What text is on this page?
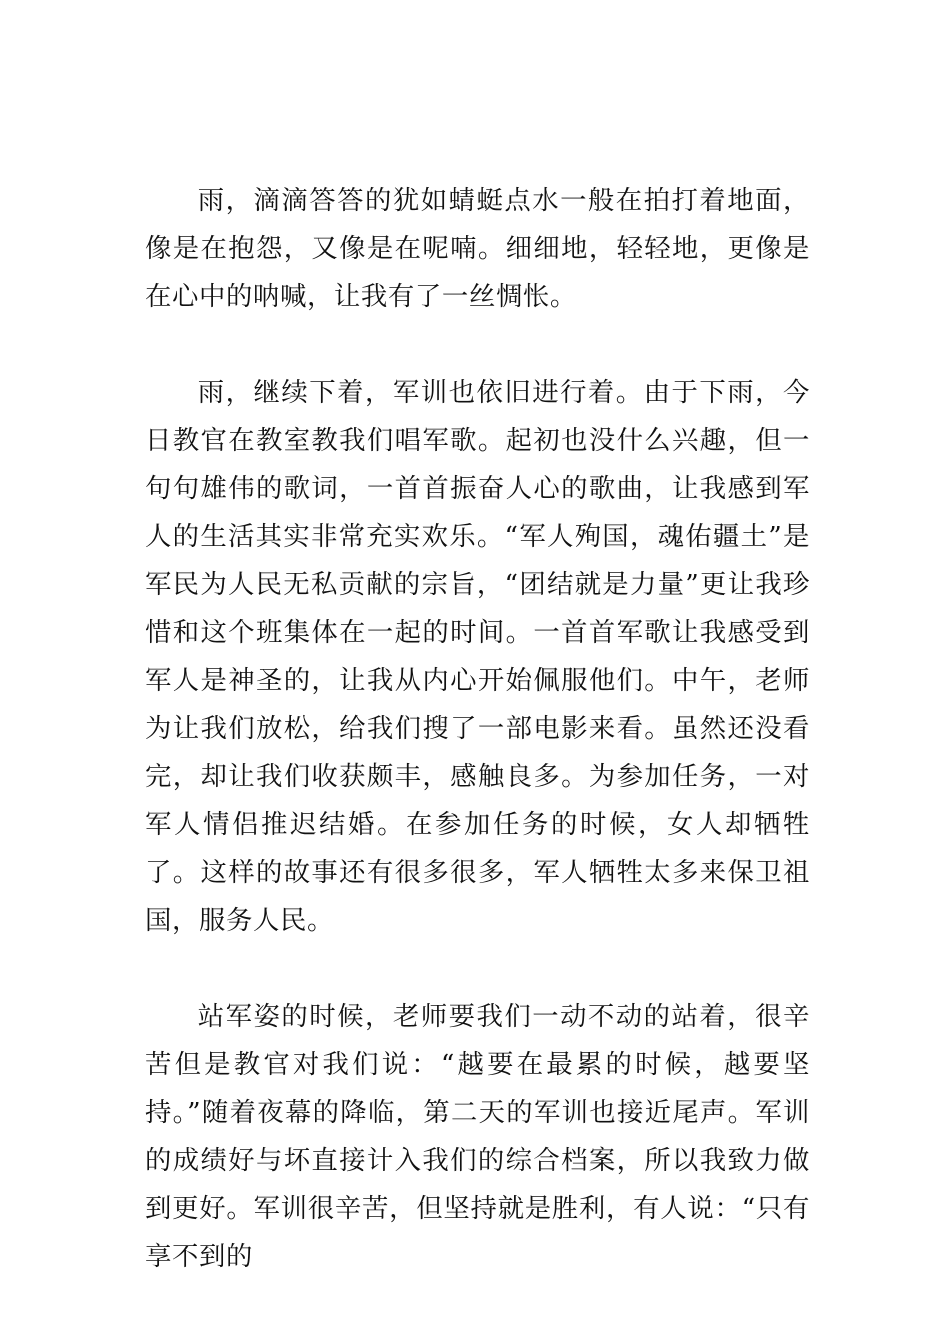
雨，滴滴答答的犹如蜻蜓点水一般在拍打着地面，像是在抱怨，又像是在呢喃。细细地，轻轻地，更像是在心中的呐喊，让我有了一丝惆怅。

雨，继续下着，军训也依旧进行着。由于下雨，今日教官在教室教我们唱军歌。起初也没什么兴趣，但一句句雄伟的歌词，一首首振奋人心的歌曲，让我感到军人的生活其实非常充实欢乐。“军人殉国，魂佑疆土”是军民为人民无私贡献的宗旨，“团结就是力量”更让我珍惜和这个班集体在一起的时间。一首首军歌让我感受到军人是神圣的，让我从内心开始佩服他们。中午，老师为让我们放松，给我们搜了一部电影来看。虽然还没看完，却让我们收获颇丰，感触良多。为参加任务，一对军人情侣推迟结婚。在参加任务的时候，女人却牺牲了。这样的故事还有很多很多，军人牺牲太多来保卫祖国，服务人民。

站军姿的时候，老师要我们一动不动的站着，很辛苦但是教官对我们说：“越要在最累的时候，越要坚持。”随着夜幕的降临，第二天的军训也接近尾声。军训的成绩好与坏直接计入我们的综合档案，所以我致力做到更好。军训很辛苦，但坚持就是胜利，有人说：“只有享不到的
